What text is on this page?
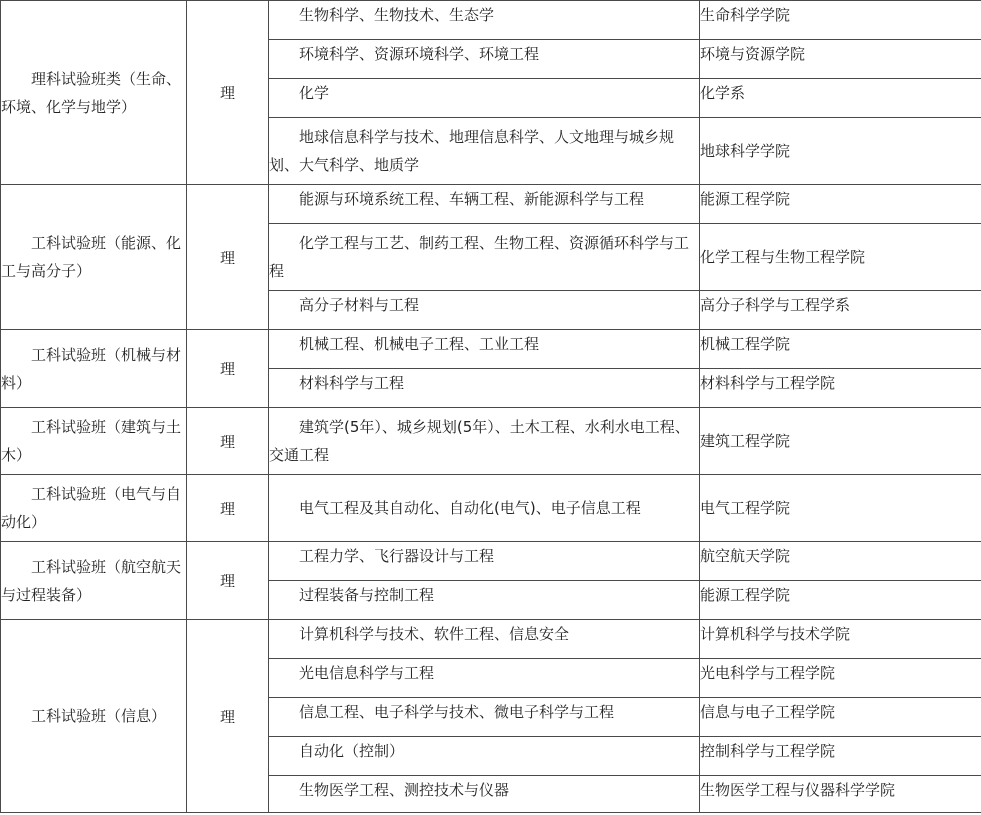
理科试验班类（生命、环境、化学与地学）	理	生物科学、生物技术、生态学	生命科学学院
		环境科学、资源环境科学、环境工程	环境与资源学院
		化学	化学系
		地球信息科学与技术、地理信息科学、人文地理与城乡规划、大气科学、地质学	地球科学学院
工科试验班（能源、化工与高分子）	理	能源与环境系统工程、车辆工程、新能源科学与工程	能源工程学院
		化学工程与工艺、制药工程、生物工程、资源循环科学与工程	化学工程与生物工程学院
		高分子材料与工程	高分子科学与工程学系
工科试验班（机械与材料）	理	机械工程、机械电子工程、工业工程	机械工程学院
		材料科学与工程	材料科学与工程学院
工科试验班（建筑与土木）	理	建筑学(5年）、城乡规划(5年）、土木工程、水利水电工程、交通工程	建筑工程学院
工科试验班（电气与自动化）	理	电气工程及其自动化、自动化(电气)、电子信息工程	电气工程学院
工科试验班（航空航天与过程装备）	理	工程力学、飞行器设计与工程	航空航天学院
		过程装备与控制工程	能源工程学院
工科试验班（信息）	理	计算机科学与技术、软件工程、信息安全	计算机科学与技术学院
		光电信息科学与工程	光电科学与工程学院
		信息工程、电子科学与技术、微电子科学与工程	信息与电子工程学院
		自动化（控制）	控制科学与工程学院
		生物医学工程、测控技术与仪器	生物医学工程与仪器科学学院
